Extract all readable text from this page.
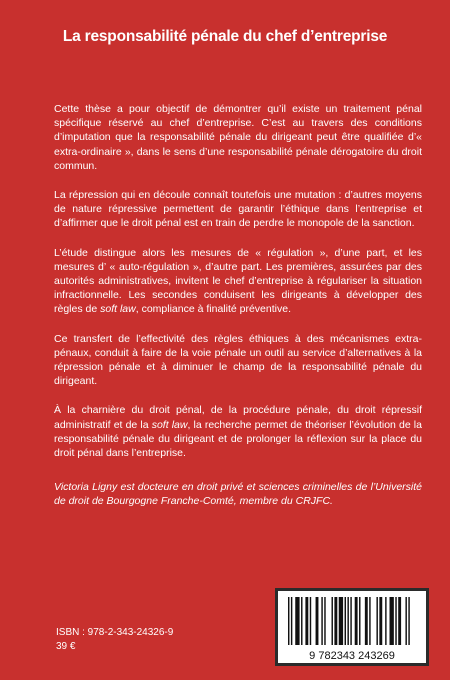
La responsabilité pénale du chef d’entreprise

Cette thèse a pour objectif de démontrer qu’il existe un traitement pénal spécifique réservé au chef d’entreprise. C’est au travers des conditions d’imputation que la responsabilité pénale du dirigeant peut être qualifiée d’« extra-ordinaire », dans le sens d’une responsabilité pénale dérogatoire du droit commun.

La répression qui en découle connaît toutefois une mutation : d’autres moyens de nature répressive permettent de garantir l’éthique dans l’entreprise et d’affirmer que le droit pénal est en train de perdre le monopole de la sanction.

L’étude distingue alors les mesures de « régulation », d’une part, et les mesures d’ « auto-régulation », d’autre part. Les premières, assurées par des autorités administratives, invitent le chef d’entreprise à régulariser la situation infractionnelle. Les secondes conduisent les dirigeants à développer des règles de soft law, compliance à finalité préventive.

Ce transfert de l’effectivité des règles éthiques à des mécanismes extra-pénaux, conduit à faire de la voie pénale un outil au service d’alternatives à la répression pénale et à diminuer le champ de la responsabilité pénale du dirigeant.

À la charnière du droit pénal, de la procédure pénale, du droit répressif administratif et de la soft law, la recherche permet de théoriser l’évolution de la responsabilité pénale du dirigeant et de prolonger la réflexion sur la place du droit pénal dans l’entreprise.

Victoria Ligny est docteure en droit privé et sciences criminelles de l’Université de droit de Bourgogne Franche-Comté, membre du CRJFC.

ISBN : 978-2-343-24326-9
39 €
9 782343 243269
